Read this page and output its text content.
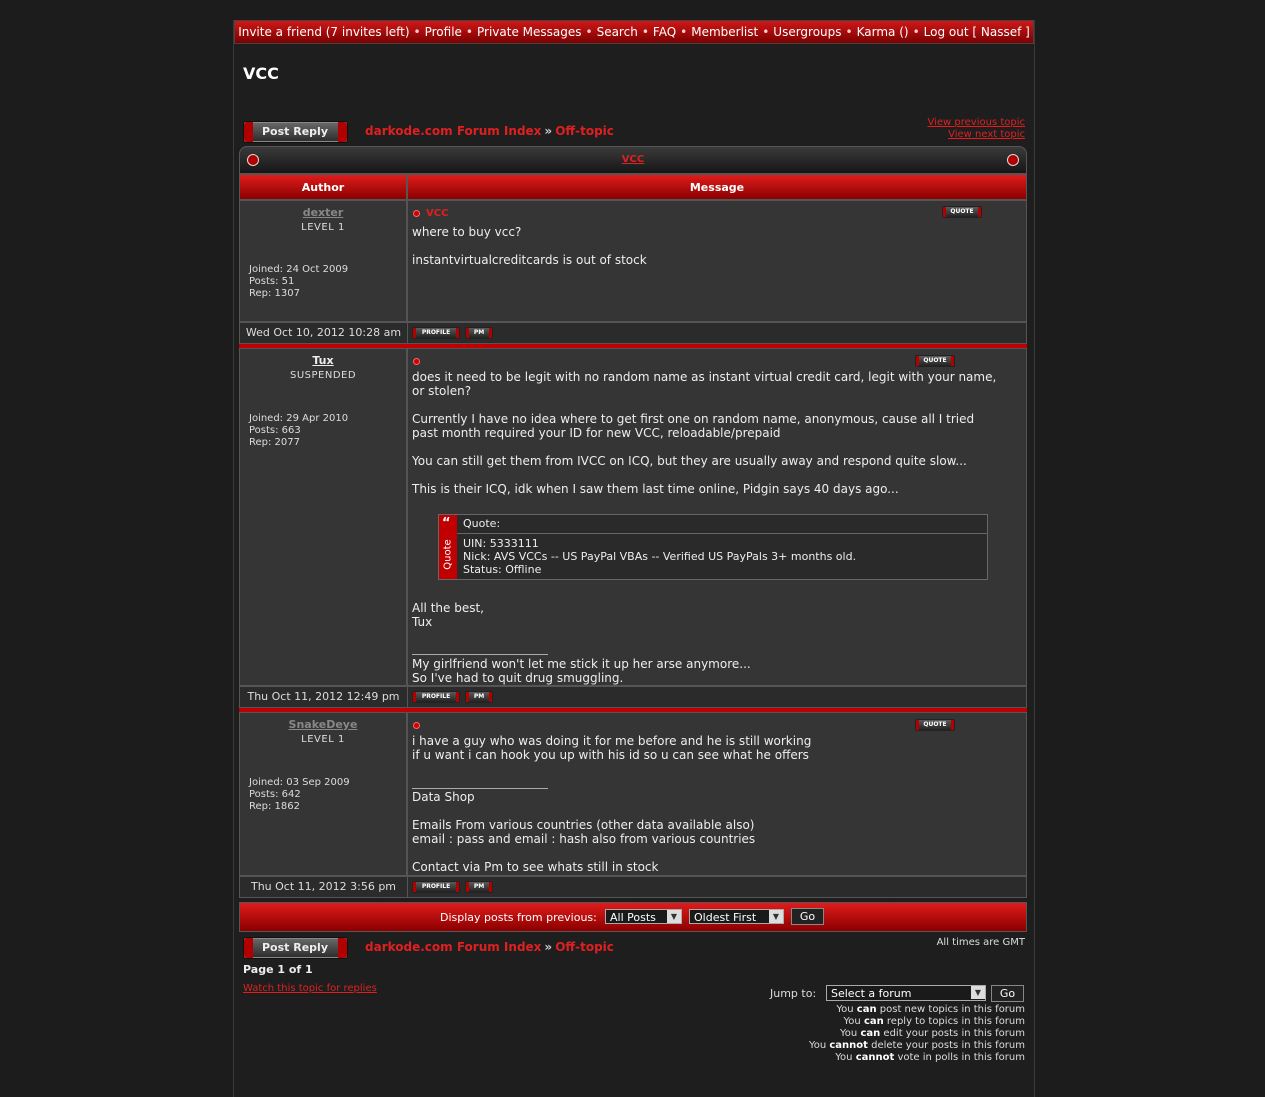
Invite a friend (7 invites left) • Profile • Private Messages • Search • FAQ • Memberlist • Usergroups • Karma () • Log out [ Nassef ]
VCC
Post Reply	darkode.com Forum Index » Off-topic
View previous topic
View next topic
VCC
Author	Message
dexter
LEVEL 1
Joined: 24 Oct 2009
Posts: 51
Rep: 1307
VCC	QUOTE
where to buy vcc?

instantvirtualcreditcards is out of stock
Wed Oct 10, 2012 10:28 am	PROFILE	PM
Tux
SUSPENDED
Joined: 29 Apr 2010
Posts: 663
Rep: 2077
QUOTE
does it need to be legit with no random name as instant virtual credit card, legit with your name,
or stolen?

Currently I have no idea where to get first one on random name, anonymous, cause all I tried
past month required your ID for new VCC, reloadable/prepaid

You can still get them from IVCC on ICQ, but they are usually away and respond quite slow...

This is their ICQ, idk when I saw them last time online, Pidgin says 40 days ago...
“
Quote
Quote:
UIN: 5333111
Nick: AVS VCCs -- US PayPal VBAs -- Verified US PayPals 3+ months old.
Status: Offline
All the best,
Tux
My girlfriend won't let me stick it up her arse anymore...
So I've had to quit drug smuggling.
Thu Oct 11, 2012 12:49 pm	PROFILE	PM
SnakeDeye
LEVEL 1
Joined: 03 Sep 2009
Posts: 642
Rep: 1862
QUOTE
i have a guy who was doing it for me before and he is still working
if u want i can hook you up with his id so u can see what he offers
Data Shop

Emails From various countries (other data available also)
email : pass and email : hash also from various countries

Contact via Pm to see whats still in stock
Thu Oct 11, 2012 3:56 pm	PROFILE	PM
Display posts from previous:	All Posts	▼	Oldest First	▼	Go
Post Reply	darkode.com Forum Index » Off-topic	All times are GMT
Page 1 of 1
Watch this topic for replies	Jump to:	Select a forum	▼	Go
You can post new topics in this forum
You can reply to topics in this forum
You can edit your posts in this forum
You cannot delete your posts in this forum
You cannot vote in polls in this forum
